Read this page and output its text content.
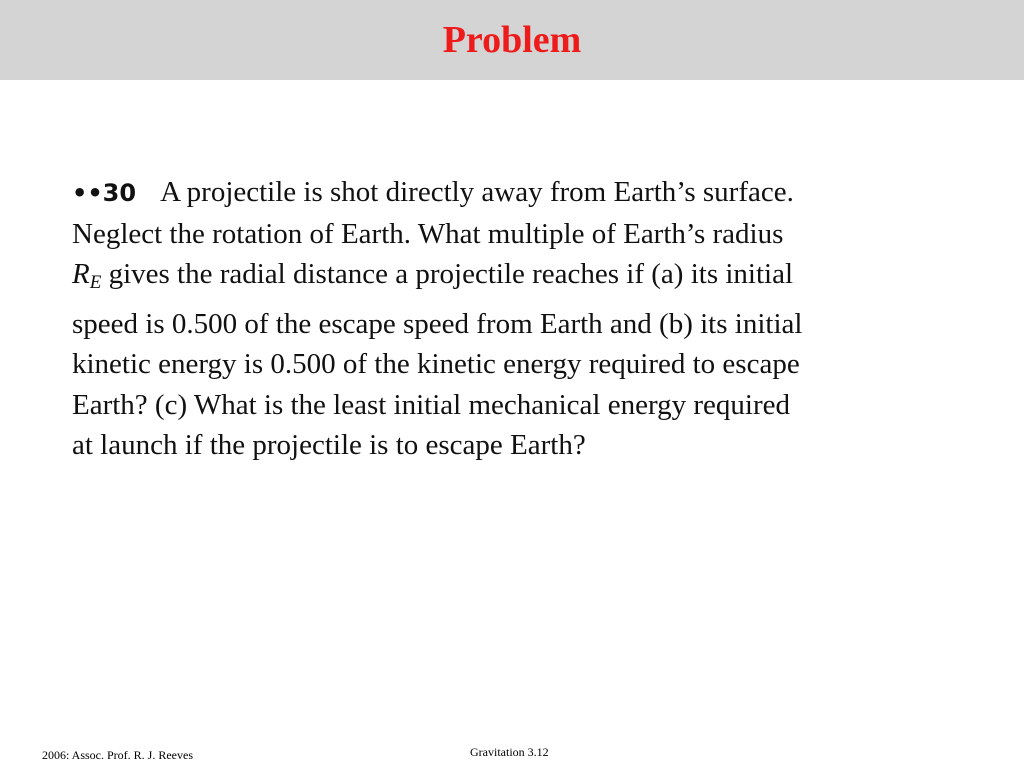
Problem
••30 A projectile is shot directly away from Earth’s surface.
Neglect the rotation of Earth. What multiple of Earth’s radius
$R_E$ gives the radial distance a projectile reaches if (a) its initial
speed is 0.500 of the escape speed from Earth and (b) its initial
kinetic energy is 0.500 of the kinetic energy required to escape
Earth? (c) What is the least initial mechanical energy required
at launch if the projectile is to escape Earth?
2006: Assoc. Prof. R. J. Reeves	Gravitation 3.12
